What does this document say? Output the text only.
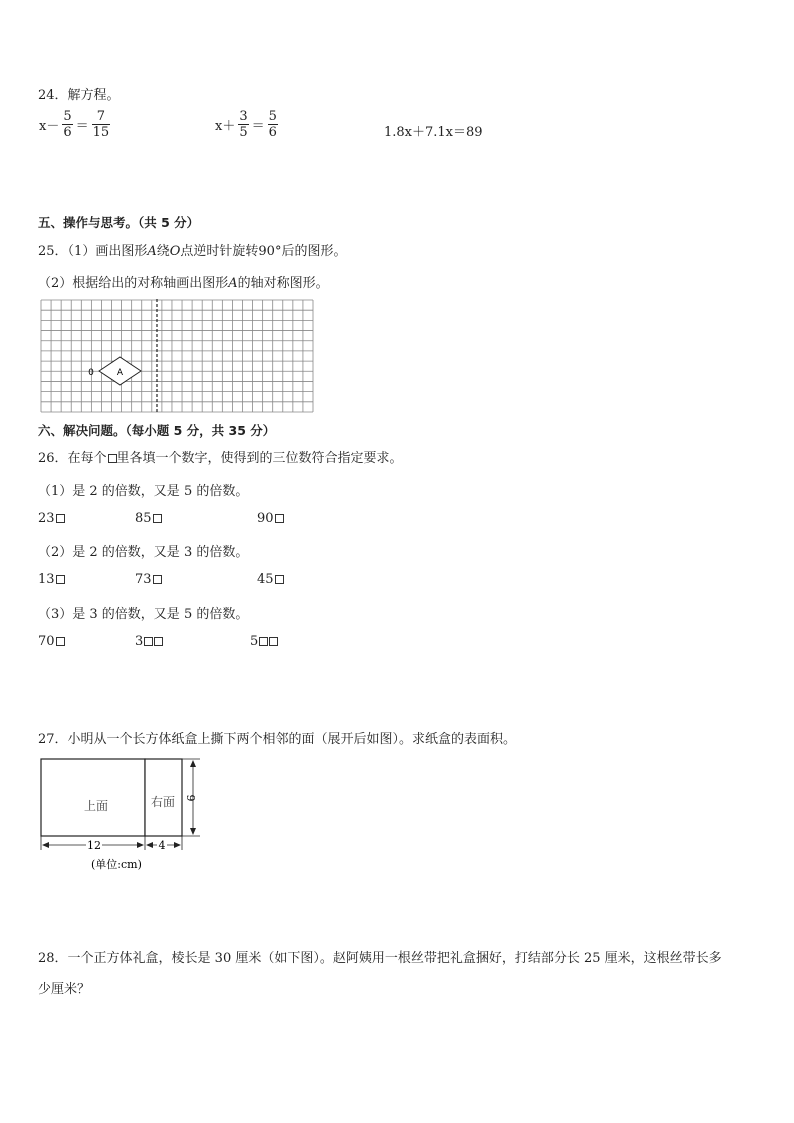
24．解方程。
$x- \frac{5}{6} = \frac{7}{15}$	$x+ \frac{3}{5} = \frac{5}{6}$	1.8x＋7.1x＝89
五、操作与思考。（共 5 分）
25．（1）画出图形A绕O点逆时针旋转90°后的图形。
（2）根据给出的对称轴画出图形A的轴对称图形。
A
0
六、解决问题。（每小题 5 分，共 35 分）
26．在每个 里各填一个数字，使得到的三位数符合指定要求。
（1）是 2 的倍数，又是 5 的倍数。
23	85	90
（2）是 2 的倍数，又是 3 的倍数。
13	73	45
（3）是 3 的倍数，又是 5 的倍数。
70	3	5
27．小明从一个长方体纸盒上撕下两个相邻的面（展开后如图）。求纸盒的表面积。
上面	右面 9
12	4
(单位:cm)
28．一个正方体礼盒，棱长是 30 厘米（如下图）。赵阿姨用一根丝带把礼盒捆好，打结部分长 25 厘米，这根丝带长多
少厘米？
